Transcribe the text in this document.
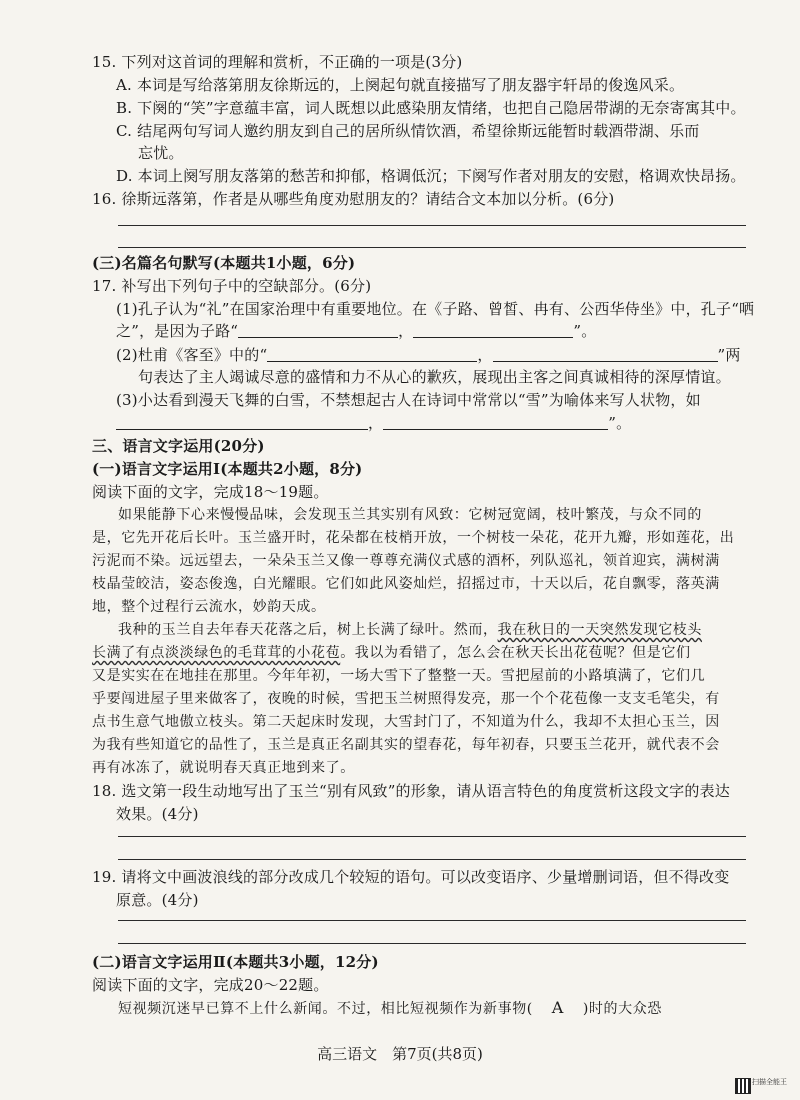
15. 下列对这首词的理解和赏析，不正确的一项是(3分)
A. 本词是写给落第朋友徐斯远的，上阕起句就直接描写了朋友器宇轩昂的俊逸风采。
B. 下阕的“笑”字意蕴丰富，词人既想以此感染朋友情绪，也把自己隐居带湖的无奈寄寓其中。
C. 结尾两句写词人邀约朋友到自己的居所纵情饮酒，希望徐斯远能暂时载酒带湖、乐而
忘忧。
D. 本词上阕写朋友落第的愁苦和抑郁，格调低沉；下阕写作者对朋友的安慰，格调欢快昂扬。
16. 徐斯远落第，作者是从哪些角度劝慰朋友的？请结合文本加以分析。(6分)
(三)名篇名句默写(本题共1小题，6分)
17. 补写出下列句子中的空缺部分。(6分)
(1)孔子认为“礼”在国家治理中有重要地位。在《子路、曾皙、冉有、公西华侍坐》中，孔子“哂
之”，是因为子路“	，	”。
(2)杜甫《客至》中的“	，	”两
句表达了主人竭诚尽意的盛情和力不从心的歉疚，展现出主客之间真诚相待的深厚情谊。
(3)小达看到漫天飞舞的白雪，不禁想起古人在诗词中常常以“雪”为喻体来写人状物，如
，	”。
三、语言文字运用(20分)
(一)语言文字运用Ⅰ(本题共2小题，8分)
阅读下面的文字，完成18～19题。
如果能静下心来慢慢品味，会发现玉兰其实别有风致：它树冠宽阔，枝叶繁茂，与众不同的
是，它先开花后长叶。玉兰盛开时，花朵都在枝梢开放，一个树枝一朵花，花开九瓣，形如莲花，出
污泥而不染。远远望去，一朵朵玉兰又像一尊尊充满仪式感的酒杯，列队巡礼，领首迎宾，满树满
枝晶莹皎洁，姿态俊逸，白光耀眼。它们如此风姿灿烂，招摇过市，十天以后，花自飘零，落英满
地，整个过程行云流水，妙韵天成。
我种的玉兰自去年春天花落之后，树上长满了绿叶。然而，我在秋日的一天突然发现它枝头
长满了有点淡淡绿色的毛茸茸的小花苞。我以为看错了，怎么会在秋天长出花苞呢？但是它们
又是实实在在地挂在那里。今年年初，一场大雪下了整整一天。雪把屋前的小路填满了，它们几
乎要闯进屋子里来做客了，夜晚的时候，雪把玉兰树照得发亮，那一个个花苞像一支支毛笔尖，有
点书生意气地傲立枝头。第二天起床时发现，大雪封门了，不知道为什么，我却不太担心玉兰，因
为我有些知道它的品性了，玉兰是真正名副其实的望春花，每年初春，只要玉兰花开，就代表不会
再有冰冻了，就说明春天真正地到来了。
18. 选文第一段生动地写出了玉兰“别有风致”的形象，请从语言特色的角度赏析这段文字的表达
效果。(4分)
19. 请将文中画波浪线的部分改成几个较短的语句。可以改变语序、少量增删词语，但不得改变
原意。(4分)
(二)语言文字运用Ⅱ(本题共3小题，12分)
阅读下面的文字，完成20～22题。
短视频沉迷早已算不上什么新闻。不过，相比短视频作为新事物( A )时的大众恐
高三语文　第7页(共8页)
扫描全能王
